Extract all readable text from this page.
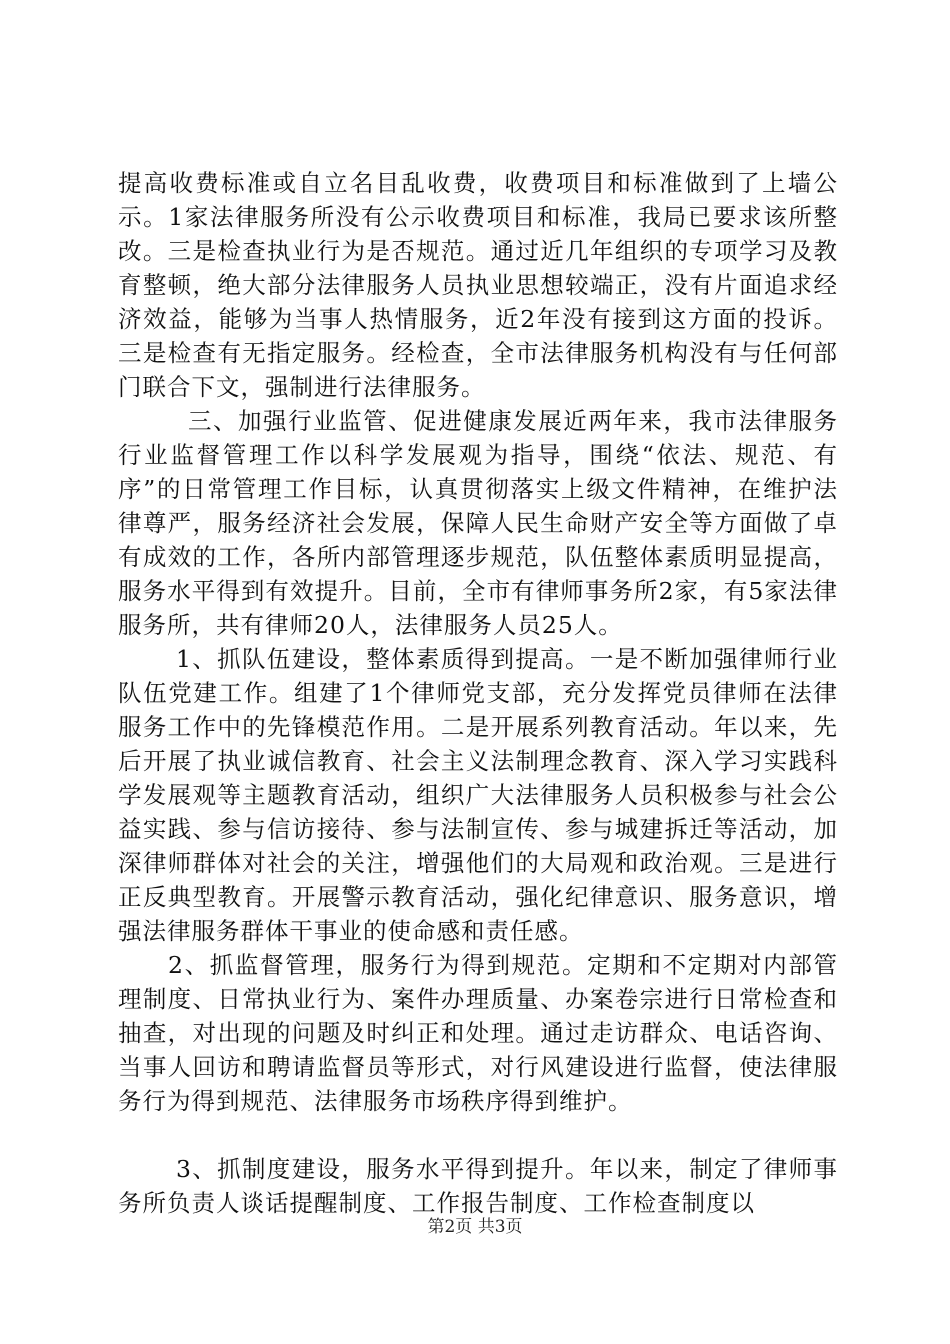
提高收费标准或自立名目乱收费，收费项目和标准做到了上墙公示。1家法律服务所没有公示收费项目和标准，我局已要求该所整改。三是检查执业行为是否规范。通过近几年组织的专项学习及教育整顿，绝大部分法律服务人员执业思想较端正，没有片面追求经济效益，能够为当事人热情服务，近2年没有接到这方面的投诉。三是检查有无指定服务。经检查，全市法律服务机构没有与任何部门联合下文，强制进行法律服务。

三、加强行业监管、促进健康发展近两年来，我市法律服务行业监督管理工作以科学发展观为指导，围绕“依法、规范、有序”的日常管理工作目标，认真贯彻落实上级文件精神，在维护法律尊严，服务经济社会发展，保障人民生命财产安全等方面做了卓有成效的工作，各所内部管理逐步规范，队伍整体素质明显提高，服务水平得到有效提升。目前，全市有律师事务所2家，有5家法律服务所，共有律师20人，法律服务人员25人。

1、抓队伍建设，整体素质得到提高。一是不断加强律师行业队伍党建工作。组建了1个律师党支部，充分发挥党员律师在法律服务工作中的先锋模范作用。二是开展系列教育活动。年以来，先后开展了执业诚信教育、社会主义法制理念教育、深入学习实践科学发展观等主题教育活动，组织广大法律服务人员积极参与社会公益实践、参与信访接待、参与法制宣传、参与城建拆迁等活动，加深律师群体对社会的关注，增强他们的大局观和政治观。三是进行正反典型教育。开展警示教育活动，强化纪律意识、服务意识，增强法律服务群体干事业的使命感和责任感。

2、抓监督管理，服务行为得到规范。定期和不定期对内部管理制度、日常执业行为、案件办理质量、办案卷宗进行日常检查和抽查，对出现的问题及时纠正和处理。通过走访群众、电话咨询、当事人回访和聘请监督员等形式，对行风建设进行监督，使法律服务行为得到规范、法律服务市场秩序得到维护。

3、抓制度建设，服务水平得到提升。年以来，制定了律师事务所负责人谈话提醒制度、工作报告制度、工作检查制度以

第2页 共3页
